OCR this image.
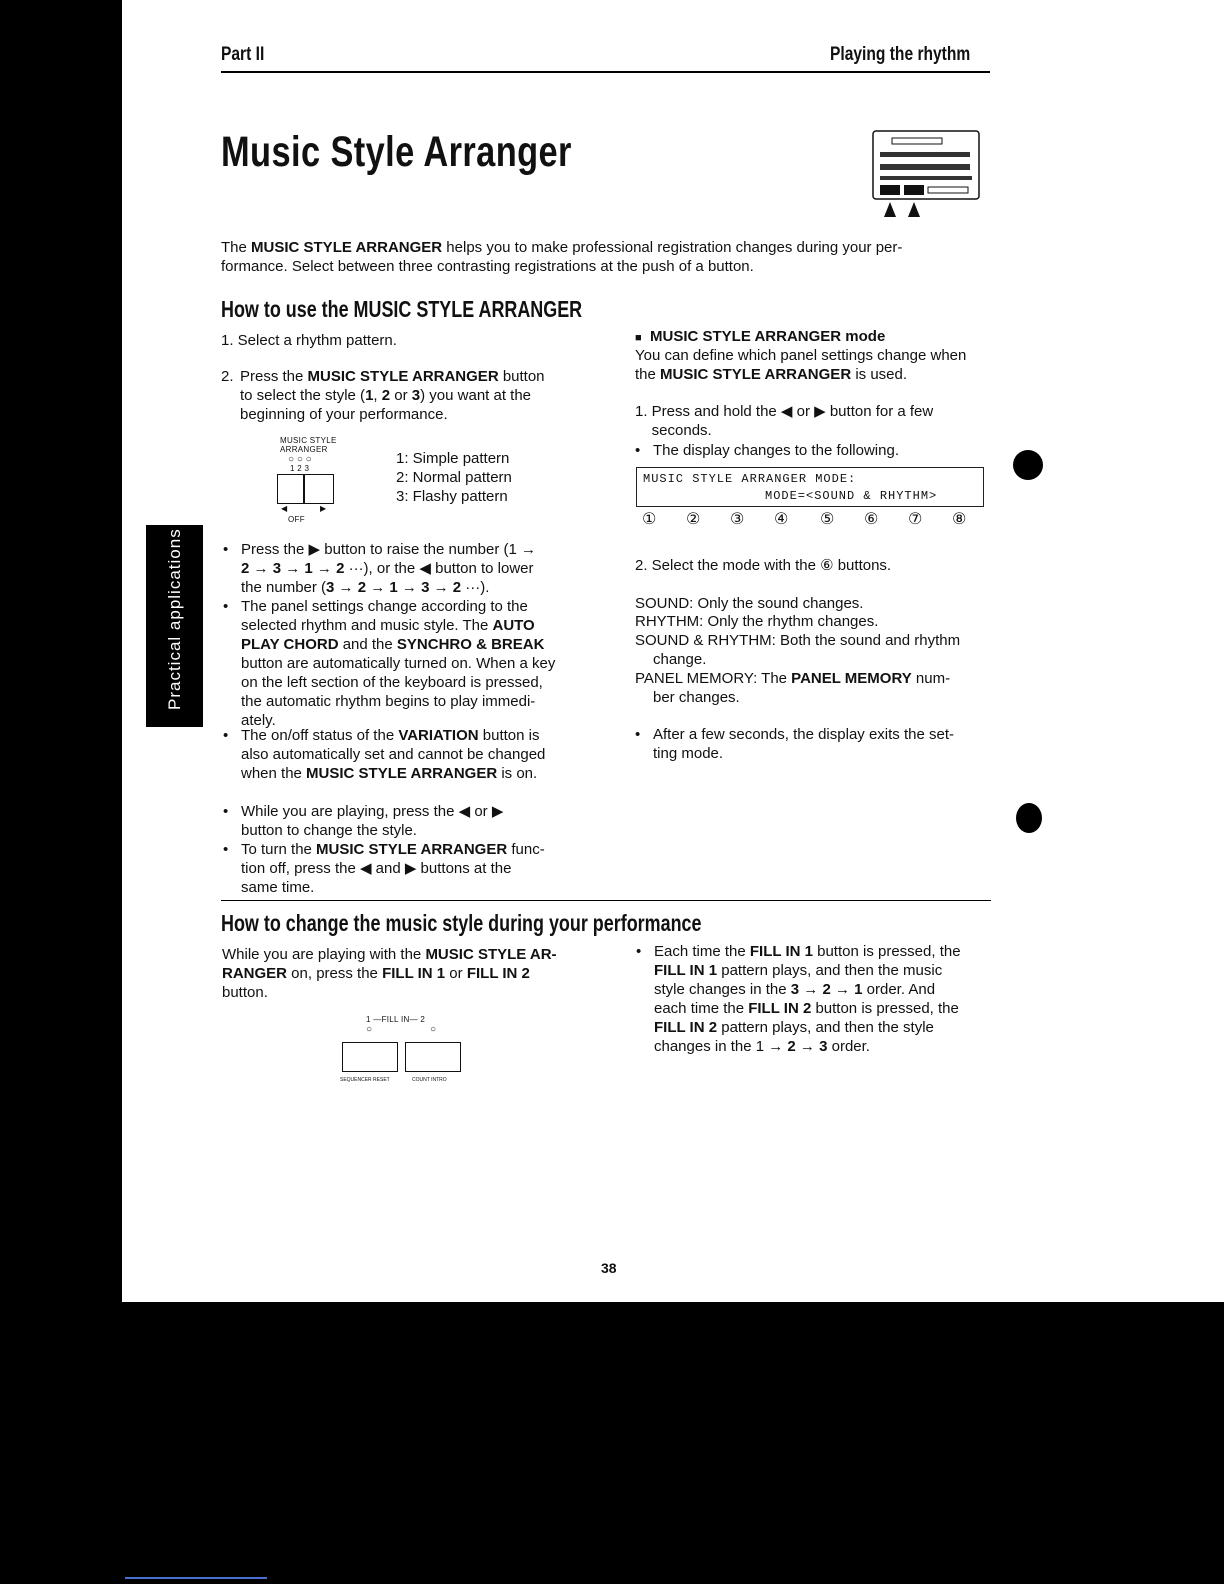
Part II	Playing the rhythm
Practical applications
Music Style Arranger
The MUSIC STYLE ARRANGER helps you to make professional registration changes during your per-
formance. Select between three contrasting registrations at the push of a button.
How to use the MUSIC STYLE ARRANGER
1. Select a rhythm pattern.
2. Press the MUSIC STYLE ARRANGER button
to select the style (1, 2 or 3) you want at the
beginning of your performance.
MUSIC STYLE
ARRANGER
○ ○ ○
1 2 3
◀	▶
OFF
1: Simple pattern
2: Normal pattern
3: Flashy pattern
• Press the ▶ button to raise the number (1 →
2 → 3 → 1 → 2 ···), or the ◀ button to lower
the number (3 → 2 → 1 → 3 → 2 ···).
• The panel settings change according to the
selected rhythm and music style. The AUTO
PLAY CHORD and the SYNCHRO & BREAK
button are automatically turned on. When a key
on the left section of the keyboard is pressed,
the automatic rhythm begins to play immedi-
ately.
• The on/off status of the VARIATION button is
also automatically set and cannot be changed
when the MUSIC STYLE ARRANGER is on.
• While you are playing, press the ◀ or ▶
button to change the style.
• To turn the MUSIC STYLE ARRANGER func-
tion off, press the ◀ and ▶ buttons at the
same time.
■ MUSIC STYLE ARRANGER mode
You can define which panel settings change when
the MUSIC STYLE ARRANGER is used.
1. Press and hold the ◀ or ▶ button for a few
seconds.
• The display changes to the following.
MUSIC STYLE ARRANGER MODE:
MODE=<SOUND & RHYTHM>
① ② ③ ④ ⑤ ⑥ ⑦ ⑧
2. Select the mode with the ⑥ buttons.
SOUND: Only the sound changes.
RHYTHM: Only the rhythm changes.
SOUND & RHYTHM: Both the sound and rhythm
change.
PANEL MEMORY: The PANEL MEMORY num-
ber changes.
• After a few seconds, the display exits the set-
ting mode.
How to change the music style during your performance
While you are playing with the MUSIC STYLE AR-
RANGER on, press the FILL IN 1 or FILL IN 2
button.
1 —FILL IN— 2
○	○
SEQUENCER RESET	COUNT INTRO
• Each time the FILL IN 1 button is pressed, the
FILL IN 1 pattern plays, and then the music
style changes in the 3 → 2 → 1 order. And
each time the FILL IN 2 button is pressed, the
FILL IN 2 pattern plays, and then the style
changes in the 1 → 2 → 3 order.
38
